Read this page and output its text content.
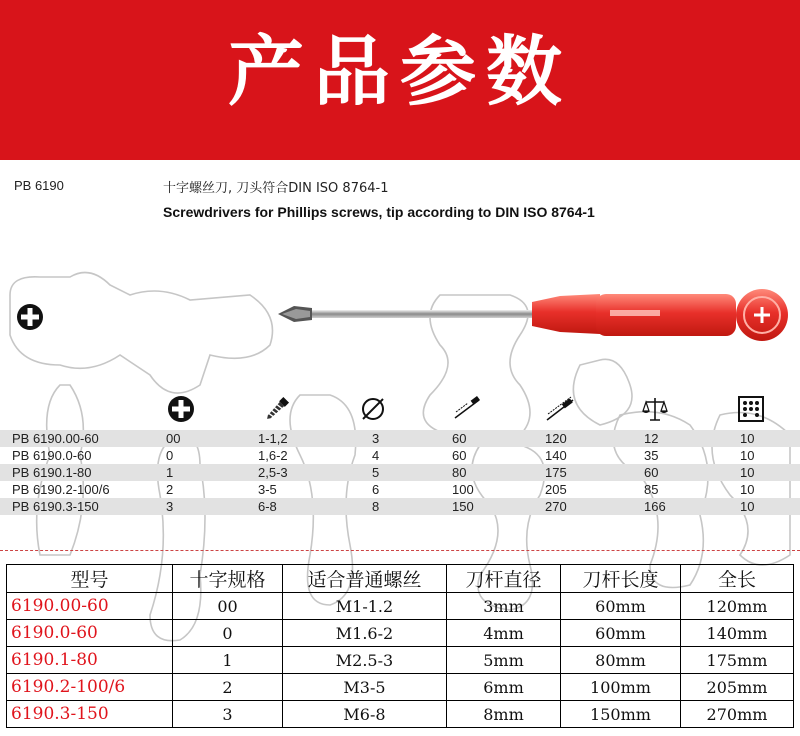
产品参数
PB 6190	十字螺丝刀, 刀头符合DIN ISO 8764-1
Screwdrivers for Phillips screws, tip according to DIN ISO 8764-1
PB 6190.00-60	00	1-1,2	3	60	120	12	10
PB 6190.0-60	0	1,6-2	4	60	140	35	10
PB 6190.1-80	1	2,5-3	5	80	175	60	10
PB 6190.2-100/6	2	3-5	6	100	205	85	10
PB 6190.3-150	3	6-8	8	150	270	166	10
型号	十字规格	适合普通螺丝	刀杆直径	刀杆长度	全长
6190.00-60	00	M1-1.2	3mm	60mm	120mm
6190.0-60	0	M1.6-2	4mm	60mm	140mm
6190.1-80	1	M2.5-3	5mm	80mm	175mm
6190.2-100/6	2	M3-5	6mm	100mm	205mm
6190.3-150	3	M6-8	8mm	150mm	270mm
